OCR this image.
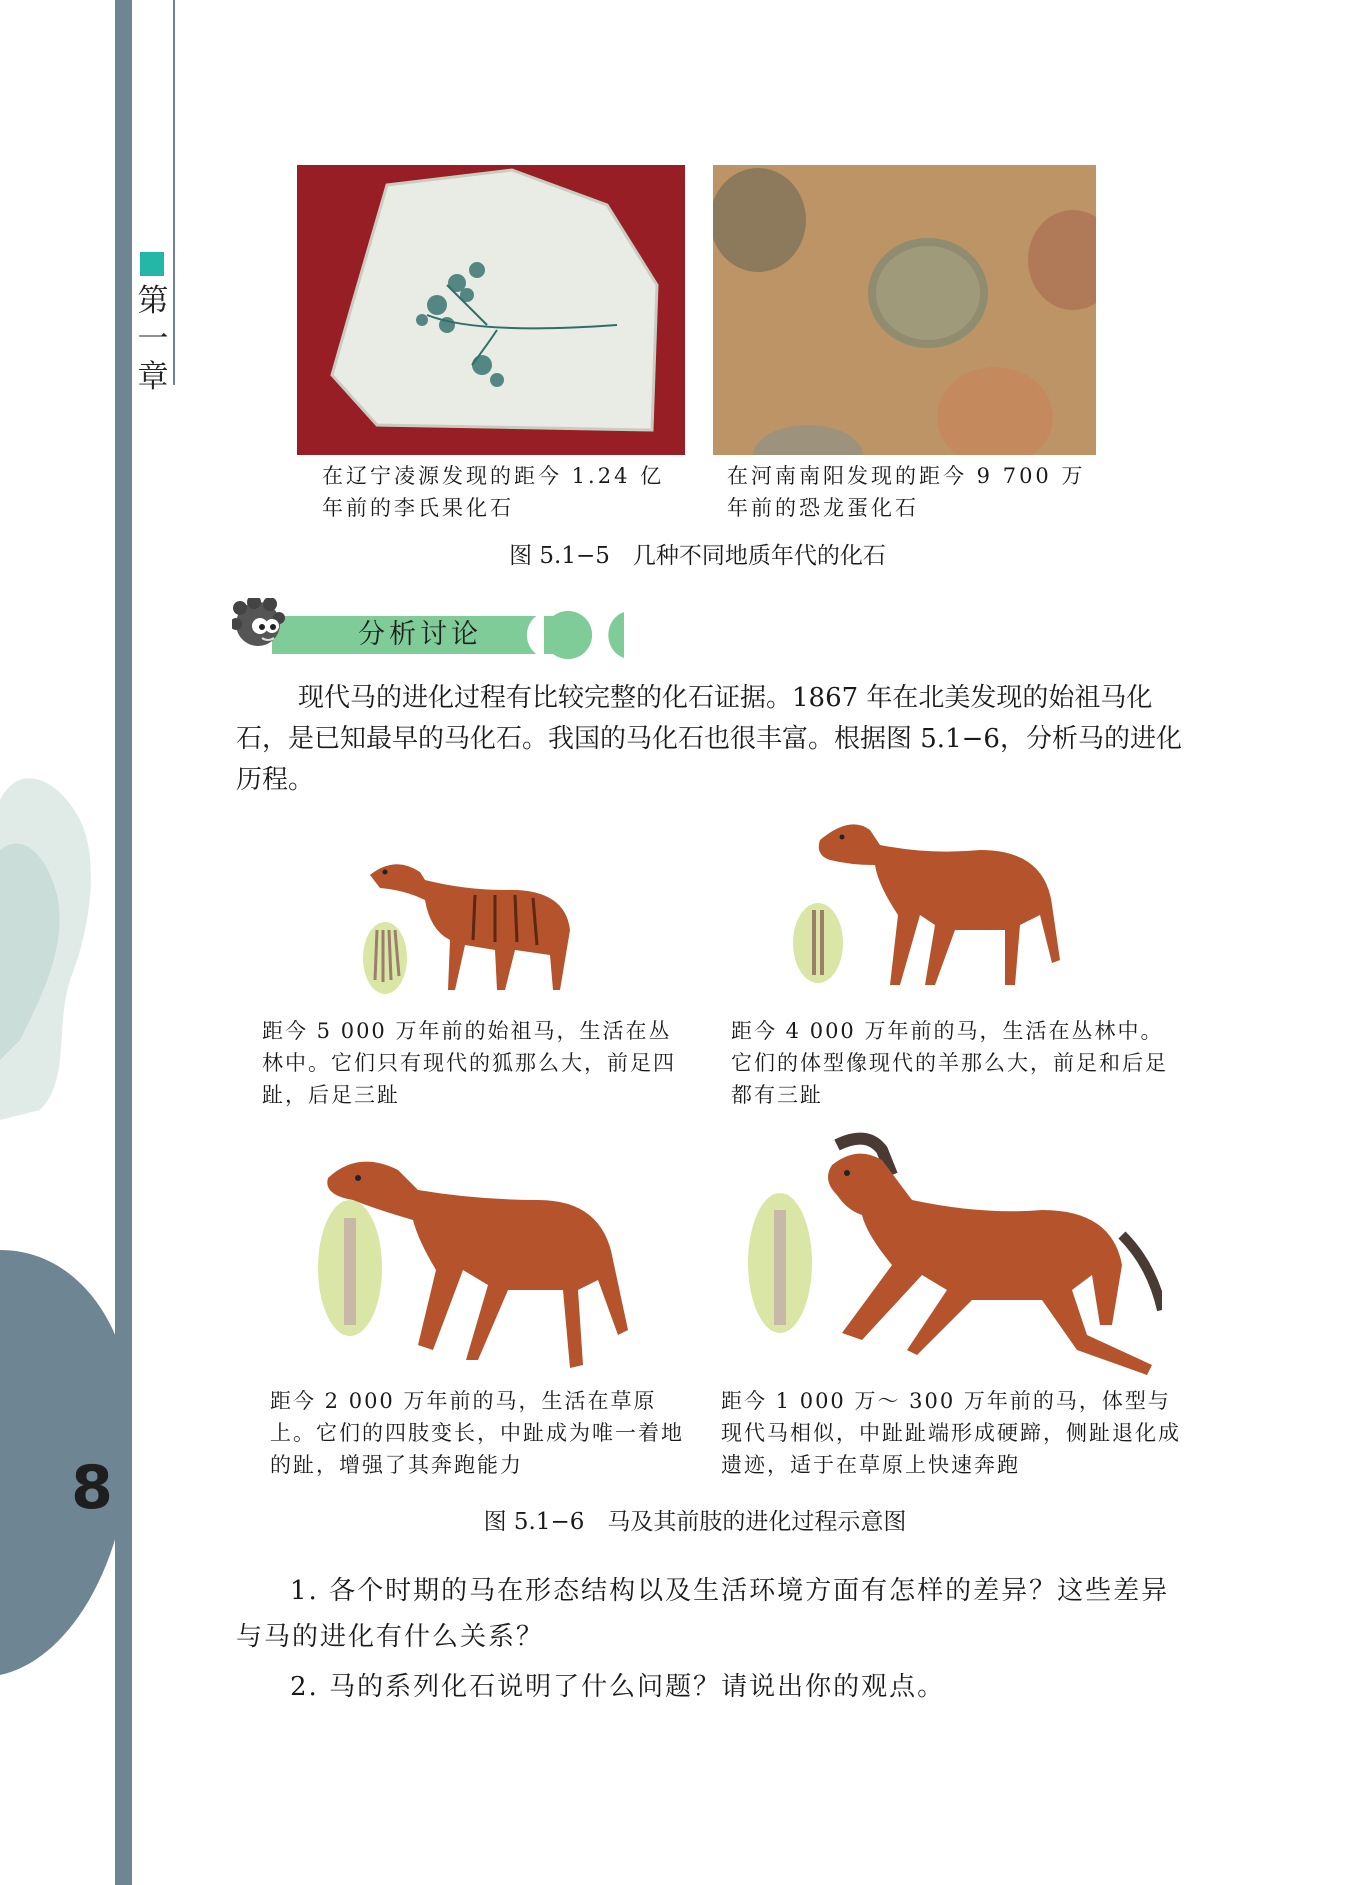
第
一
章
生
命
的
起
源
和
进
化
8
在辽宁凌源发现的距今 1.24 亿年前的李氏果化石
在河南南阳发现的距今 9 700 万年前的恐龙蛋化石
图 5.1−5　几种不同地质年代的化石
分析讨论
现代马的进化过程有比较完整的化石证据。1867 年在北美发现的始祖马化石，是已知最早的马化石。我国的马化石也很丰富。根据图 5.1−6，分析马的进化历程。
距今 5 000 万年前的始祖马，生活在丛林中。它们只有现代的狐那么大，前足四趾，后足三趾
距今 4 000 万年前的马，生活在丛林中。它们的体型像现代的羊那么大，前足和后足都有三趾
距今 2 000 万年前的马，生活在草原上。它们的四肢变长，中趾成为唯一着地的趾，增强了其奔跑能力
距今 1 000 万～ 300 万年前的马，体型与现代马相似，中趾趾端形成硬蹄，侧趾退化成遗迹，适于在草原上快速奔跑
图 5.1−6　马及其前肢的进化过程示意图
1. 各个时期的马在形态结构以及生活环境方面有怎样的差异？这些差异与马的进化有什么关系？
2. 马的系列化石说明了什么问题？请说出你的观点。
